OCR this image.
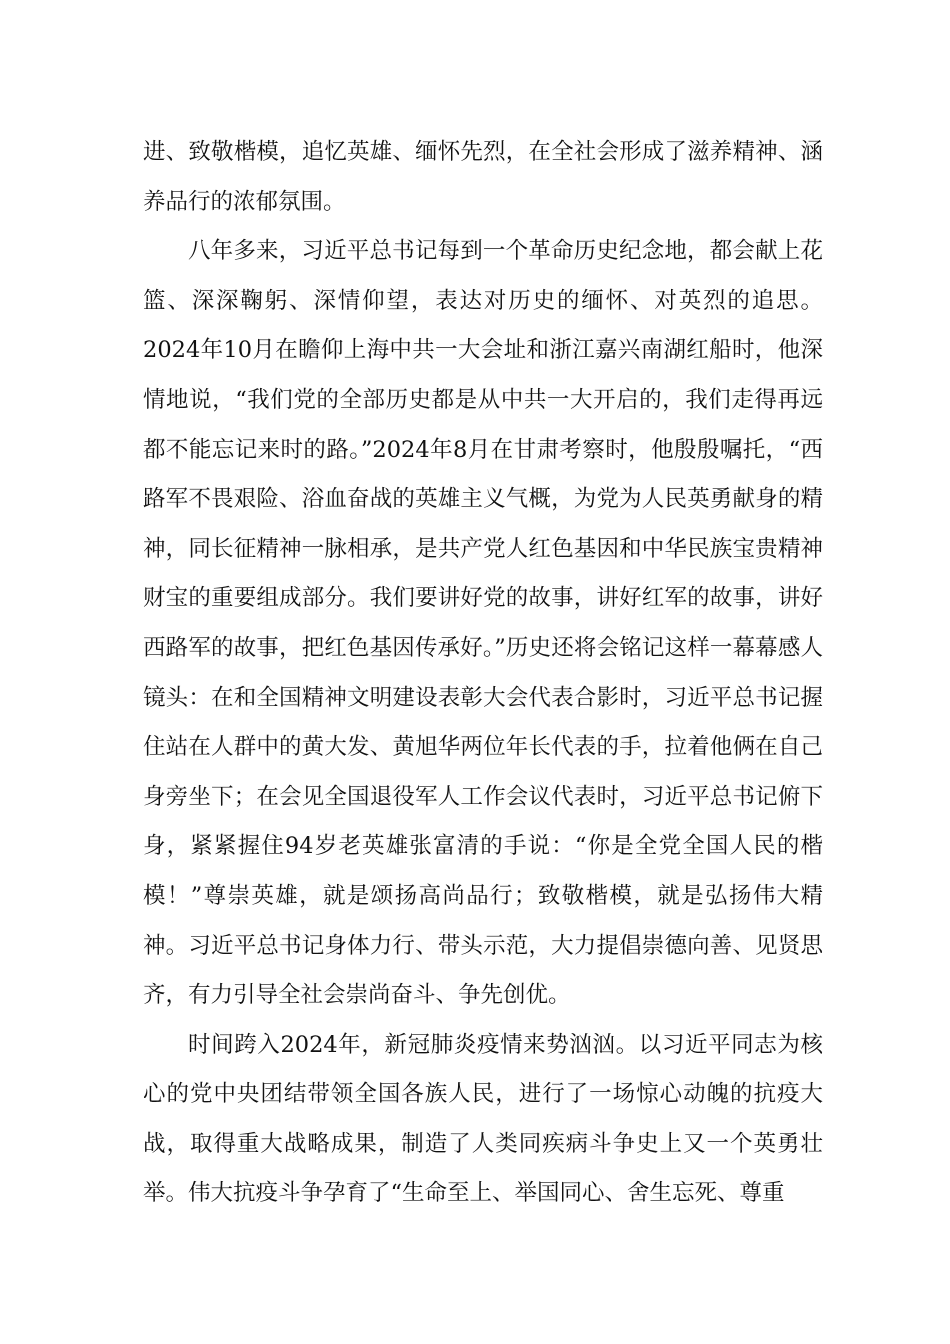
进、致敬楷模，追忆英雄、缅怀先烈，在全社会形成了滋养精神、涵养品行的浓郁氛围。

八年多来，习近平总书记每到一个革命历史纪念地，都会献上花篮、深深鞠躬、深情仰望，表达对历史的缅怀、对英烈的追思。2024年10月在瞻仰上海中共一大会址和浙江嘉兴南湖红船时，他深情地说，“我们党的全部历史都是从中共一大开启的，我们走得再远都不能忘记来时的路。”2024年8月在甘肃考察时，他殷殷嘱托，“西路军不畏艰险、浴血奋战的英雄主义气概，为党为人民英勇献身的精神，同长征精神一脉相承，是共产党人红色基因和中华民族宝贵精神财宝的重要组成部分。我们要讲好党的故事，讲好红军的故事，讲好西路军的故事，把红色基因传承好。”历史还将会铭记这样一幕幕感人镜头：在和全国精神文明建设表彰大会代表合影时，习近平总书记握住站在人群中的黄大发、黄旭华两位年长代表的手，拉着他俩在自己身旁坐下；在会见全国退役军人工作会议代表时，习近平总书记俯下身，紧紧握住94岁老英雄张富清的手说：“你是全党全国人民的楷模！”尊崇英雄，就是颂扬高尚品行；致敬楷模，就是弘扬伟大精神。习近平总书记身体力行、带头示范，大力提倡崇德向善、见贤思齐，有力引导全社会崇尚奋斗、争先创优。

时间跨入2024年，新冠肺炎疫情来势汹汹。以习近平同志为核心的党中央团结带领全国各族人民，进行了一场惊心动魄的抗疫大战，取得重大战略成果，制造了人类同疾病斗争史上又一个英勇壮举。伟大抗疫斗争孕育了“生命至上、举国同心、舍生忘死、尊重
